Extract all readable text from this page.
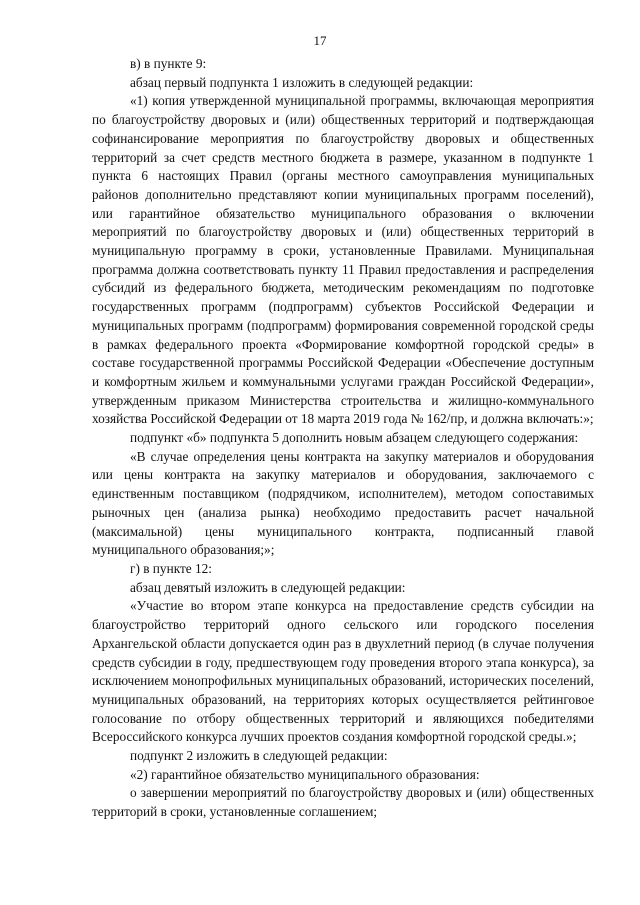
17

в) в пункте 9:

абзац первый подпункта 1 изложить в следующей редакции:

«1) копия утвержденной муниципальной программы, включающая мероприятия по благоустройству дворовых и (или) общественных территорий и подтверждающая софинансирование мероприятия по благоустройству дворовых и общественных территорий за счет средств местного бюджета в размере, указанном в подпункте 1 пункта 6 настоящих Правил (органы местного самоуправления муниципальных районов дополнительно представляют копии муниципальных программ поселений), или гарантийное обязательство муниципального образования о включении мероприятий по благоустройству дворовых и (или) общественных территорий в муниципальную программу в сроки, установленные Правилами. Муниципальная программа должна соответствовать пункту 11 Правил предоставления и распределения субсидий из федерального бюджета, методическим рекомендациям по подготовке государственных программ (подпрограмм) субъектов Российской Федерации и муниципальных программ (подпрограмм) формирования современной городской среды в рамках федерального проекта «Формирование комфортной городской среды» в составе государственной программы Российской Федерации «Обеспечение доступным и комфортным жильем и коммунальными услугами граждан Российской Федерации», утвержденным приказом Министерства строительства и жилищно-коммунального хозяйства Российской Федерации от 18 марта 2019 года № 162/пр, и должна включать:»;

подпункт «б» подпункта 5 дополнить новым абзацем следующего содержания:

«В случае определения цены контракта на закупку материалов и оборудования или цены контракта на закупку материалов и оборудования, заключаемого с единственным поставщиком (подрядчиком, исполнителем), методом сопоставимых рыночных цен (анализа рынка) необходимо предоставить расчет начальной (максимальной) цены муниципального контракта, подписанный главой муниципального образования;»;

г) в пункте 12:

абзац девятый изложить в следующей редакции:

«Участие во втором этапе конкурса на предоставление средств субсидии на благоустройство территорий одного сельского или городского поселения Архангельской области допускается один раз в двухлетний период (в случае получения средств субсидии в году, предшествующем году проведения второго этапа конкурса), за исключением монопрофильных муниципальных образований, исторических поселений, муниципальных образований, на территориях которых осуществляется рейтинговое голосование по отбору общественных территорий и являющихся победителями Всероссийского конкурса лучших проектов создания комфортной городской среды.»;

подпункт 2 изложить в следующей редакции:

«2) гарантийное обязательство муниципального образования:

о завершении мероприятий по благоустройству дворовых и (или) общественных территорий в сроки, установленные соглашением;
